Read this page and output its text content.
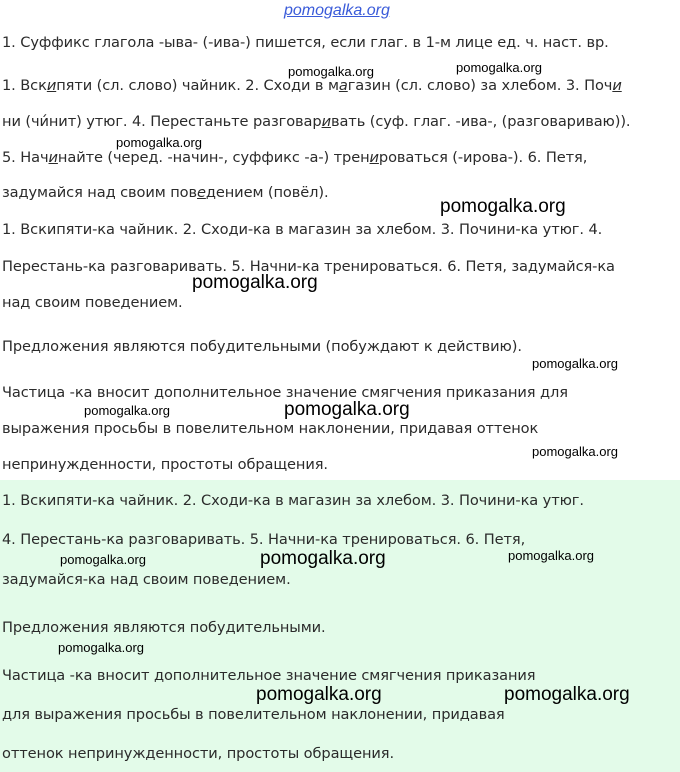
pomogalka.org
1. Суффикс глагола -ыва- (-ива-) пишется, если глаг. в 1-м лице ед. ч. наст. вр.
1. Вскипяти (сл. слово) чайник. 2. Сходи в магазин (сл. слово) за хлебом. 3. Почи
ни (чи́нит) утюг. 4. Перестаньте разговаривать (суф. глаг. -ива-, (разговариваю)).
5. Начинайте (черед. -начин-, суффикс -а-) тренироваться (-ирова-). 6. Петя,
задумайся над своим поведением (повёл).
1. Вскипяти-ка чайник. 2. Сходи-ка в магазин за хлебом. 3. Почини-ка утюг. 4.
Перестань-ка разговаривать. 5. Начни-ка тренироваться. 6. Петя, задумайся-ка
над своим поведением.
Предложения являются побудительными (побуждают к действию).
Частица -ка вносит дополнительное значение смягчения приказания для
выражения просьбы в повелительном наклонении, придавая оттенок
непринужденности, простоты обращения.
1. Вскипяти-ка чайник. 2. Сходи-ка в магазин за хлебом. 3. Почини-ка утюг.
4. Перестань-ка разговаривать. 5. Начни-ка тренироваться. 6. Петя,
задумайся-ка над своим поведением.
Предложения являются побудительными.
Частица -ка вносит дополнительное значение смягчения приказания
для выражения просьбы в повелительном наклонении, придавая
оттенок непринужденности, простоты обращения.
pomogalka.org	pomogalka.org
pomogalka.org
pomogalka.org
pomogalka.org
pomogalka.org
pomogalka.org	pomogalka.org
pomogalka.org
pomogalka.org	pomogalka.org	pomogalka.org
pomogalka.org
pomogalka.org	pomogalka.org
